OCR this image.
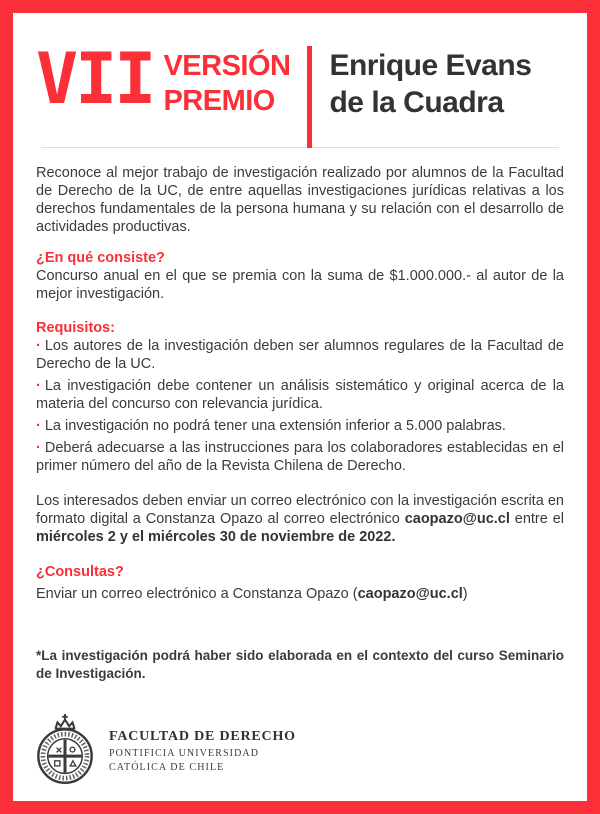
VII VERSIÓN
PREMIO
Enrique Evans
de la Cuadra

Reconoce al mejor trabajo de investigación realizado por alumnos de la Facultad de Derecho de la UC, de entre aquellas investigaciones jurídicas relativas a los derechos fundamentales de la persona humana y su relación con el desarrollo de actividades productivas.

¿En qué consiste?

Concurso anual en el que se premia con la suma de $1.000.000.- al autor de la mejor investigación.

Requisitos:
· Los autores de la investigación deben ser alumnos regulares de la Facultad de Derecho de la UC.
· La investigación debe contener un análisis sistemático y original acerca de la materia del concurso con relevancia jurídica.
· La investigación no podrá tener una extensión inferior a 5.000 palabras.
· Deberá adecuarse a las instrucciones para los colaboradores establecidas en el primer número del año de la Revista Chilena de Derecho.

Los interesados deben enviar un correo electrónico con la investigación escrita en formato digital a Constanza Opazo al correo electrónico caopazo@uc.cl entre el miércoles 2 y el miércoles 30 de noviembre de 2022.

¿Consultas?

Enviar un correo electrónico a Constanza Opazo (caopazo@uc.cl)

*La investigación podrá haber sido elaborada en el contexto del curso Seminario de Investigación.

FACULTAD DE DERECHO
PONTIFICIA UNIVERSIDAD
CATÓLICA DE CHILE
